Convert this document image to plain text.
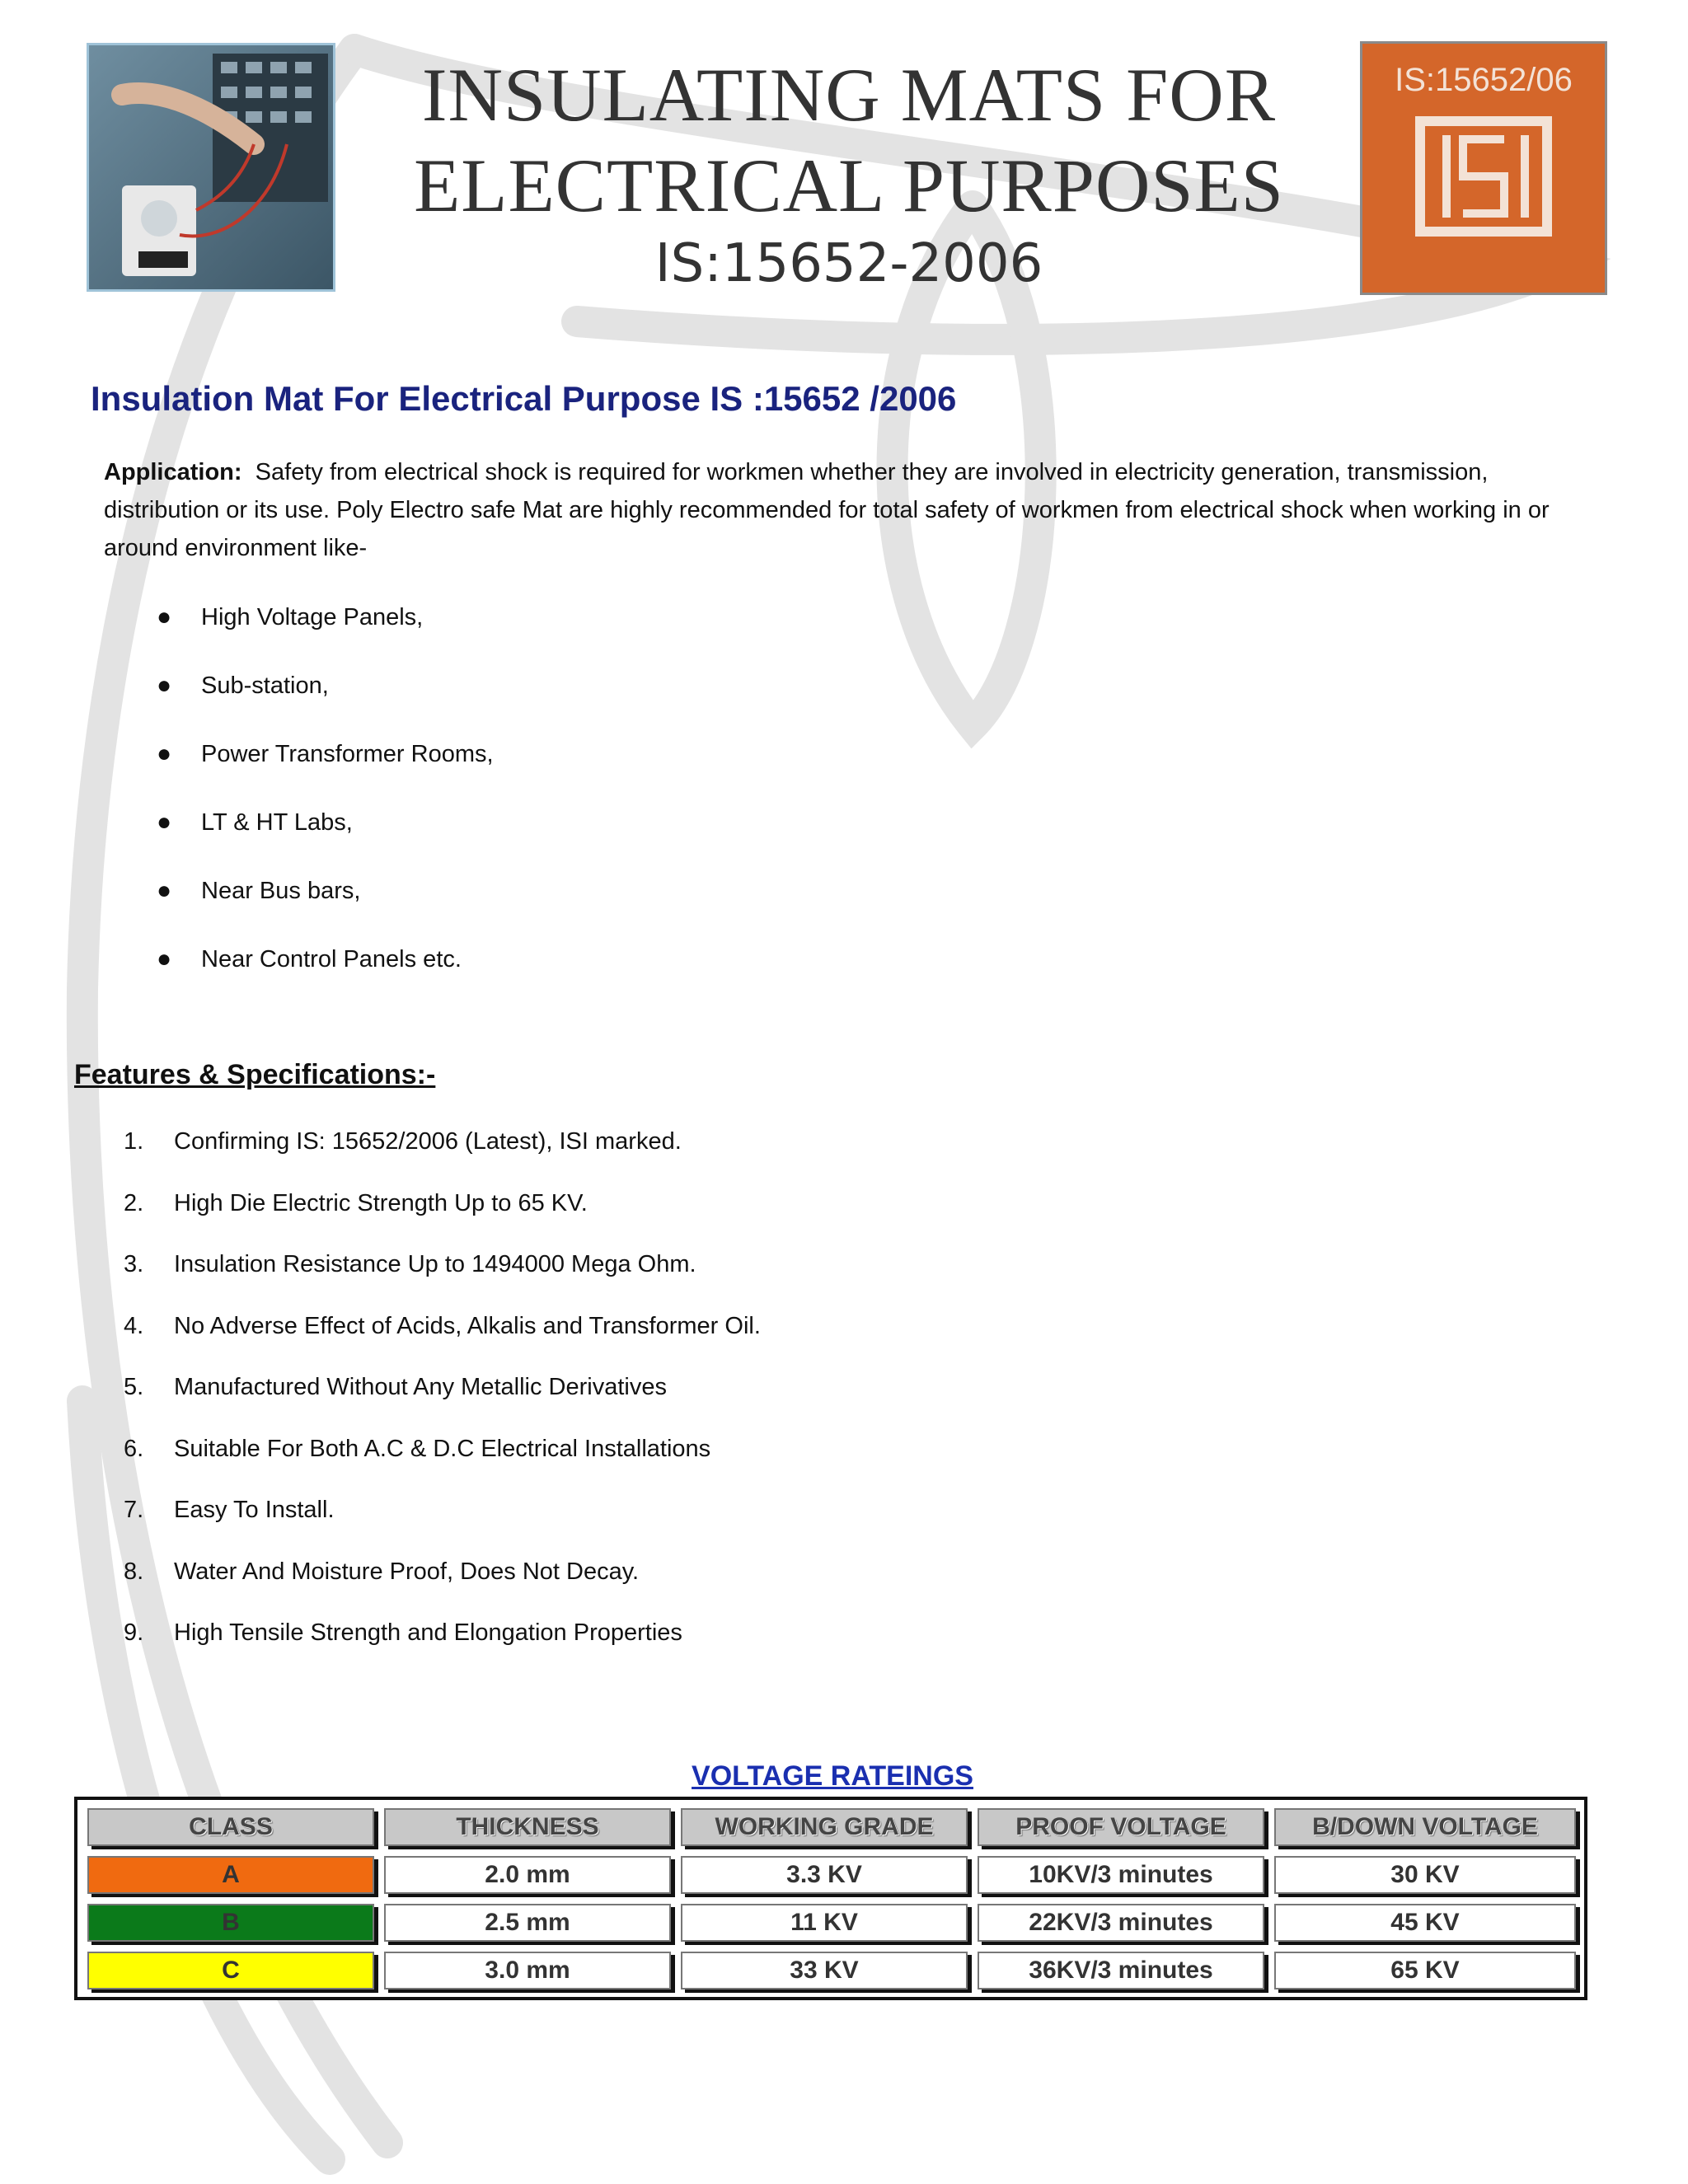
INSULATING MATS FOR
ELECTRICAL PURPOSES
IS:15652-2006
IS:15652/06
Insulation Mat For Electrical Purpose IS :15652 /2006
Application: Safety from electrical shock is required for workmen whether they are involved in electricity generation, transmission, distribution or its use. Poly Electro safe Mat are highly recommended for total safety of workmen from electrical shock when working in or around environment like-
● High Voltage Panels,
● Sub-station,
● Power Transformer Rooms,
● LT & HT Labs,
● Near Bus bars,
● Near Control Panels etc.
Features & Specifications:-
1. Confirming IS: 15652/2006 (Latest), ISI marked.
2. High Die Electric Strength Up to 65 KV.
3. Insulation Resistance Up to 1494000 Mega Ohm.
4. No Adverse Effect of Acids, Alkalis and Transformer Oil.
5. Manufactured Without Any Metallic Derivatives
6. Suitable For Both A.C & D.C Electrical Installations
7. Easy To Install.
8. Water And Moisture Proof, Does Not Decay.
9. High Tensile Strength and Elongation Properties
VOLTAGE RATEINGS
CLASS	THICKNESS	WORKING GRADE	PROOF VOLTAGE	B/DOWN VOLTAGE
A	2.0 mm	3.3 KV	10KV/3 minutes	30 KV
B	2.5 mm	11 KV	22KV/3 minutes	45 KV
C	3.0 mm	33 KV	36KV/3 minutes	65 KV
